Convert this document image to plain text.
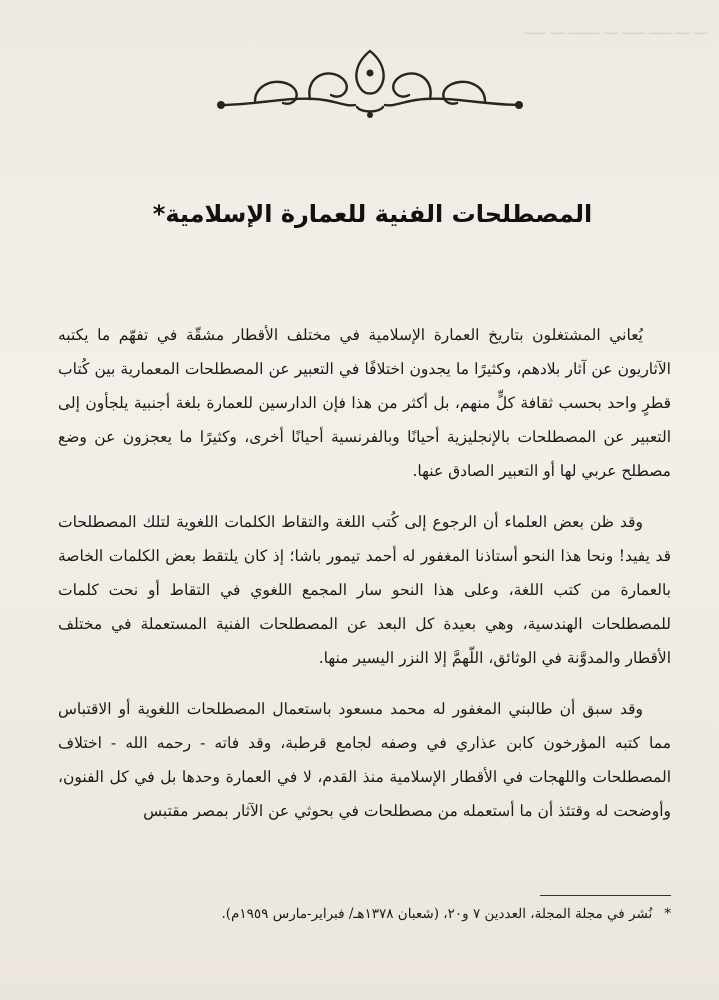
ـــ ـــ ـــــ ـــــ ـــ ـــــــ ـــ ـــــ
المصطلحات الفنية للعمارة الإسلامية*

يُعاني المشتغلون بتاريخ العمارة الإسلامية في مختلف الأقطار مشقّة في تفهّم ما يكتبه الآثاريون عن آثار بلادهم، وكثيرًا ما يجدون اختلافًا في التعبير عن المصطلحات المعمارية بين كُتاب قطرٍ واحد بحسب ثقافة كلٍّ منهم، بل أكثر من هذا فإن الدارسين للعمارة بلغة أجنبية يلجأون إلى التعبير عن المصطلحات بالإنجليزية أحيانًا وبالفرنسية أحيانًا أخرى، وكثيرًا ما يعجزون عن وضع مصطلح عربي لها أو التعبير الصادق عنها.

وقد ظن بعض العلماء أن الرجوع إلى كُتب اللغة والتقاط الكلمات اللغوية لتلك المصطلحات قد يفيد! ونحا هذا النحو أستاذنا المغفور له أحمد تيمور باشا؛ إذ كان يلتقط بعض الكلمات الخاصة بالعمارة من كتب اللغة، وعلى هذا النحو سار المجمع اللغوي في التقاط أو نحت كلمات للمصطلحات الهندسية، وهي بعيدة كل البعد عن المصطلحات الفنية المستعملة في مختلف الأقطار والمدوَّنة في الوثائق، اللّهمَّ إلا النزر اليسير منها.

وقد سبق أن طالبني المغفور له محمد مسعود باستعمال المصطلحات اللغوية أو الاقتباس مما كتبه المؤرخون كابن عذاري في وصفه لجامع قرطبة، وقد فاته - رحمه الله - اختلاف المصطلحات واللهجات في الأقطار الإسلامية منذ القدم، لا في العمارة وحدها بل في كل الفنون، وأوضحت له وقتئذ أن ما أستعمله من مصطلحات في بحوثي عن الآثار بمصر مقتبس

*نُشر في مجلة المجلة، العددين ٧ و٢٠، (شعبان ١٣٧٨هـ/ فبراير-مارس ١٩٥٩م).
